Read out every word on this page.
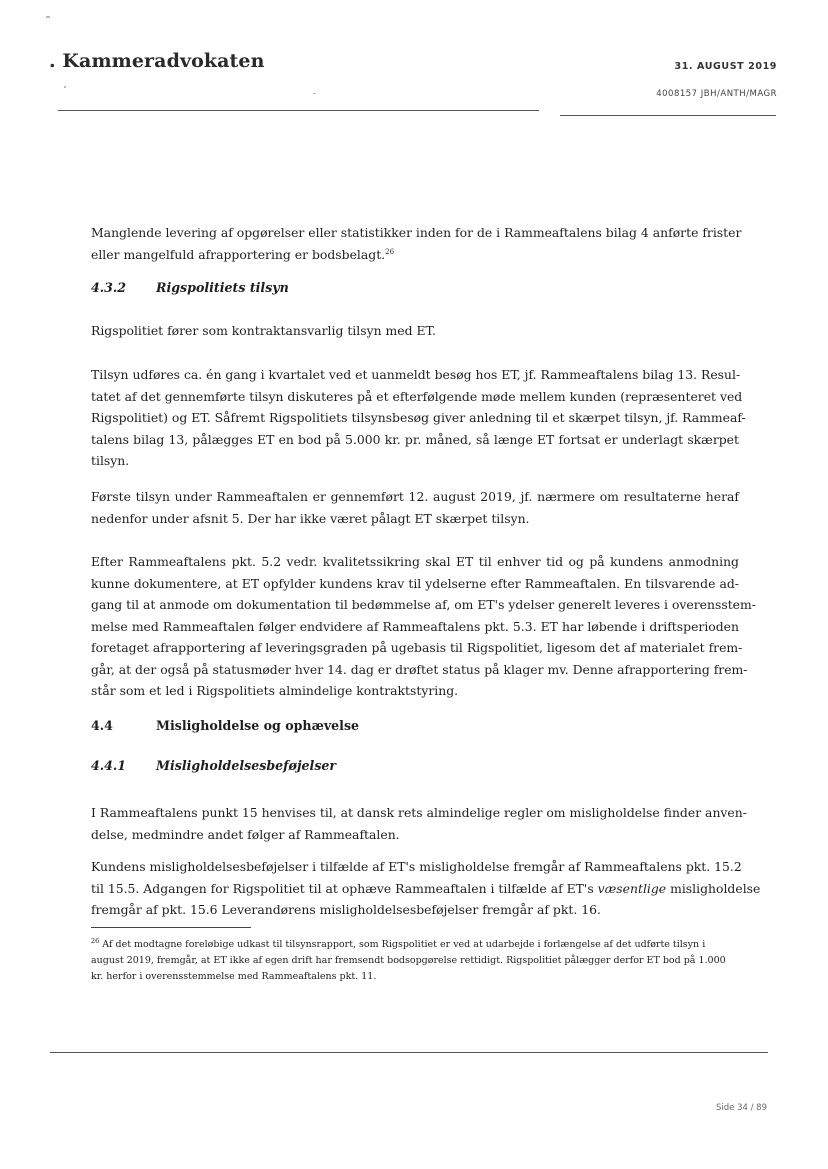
. Kammeradvokaten	31. AUGUST 2019
4008157 JBH/ANTH/MAGR
Manglende levering af opgørelser eller statistikker inden for de i Rammeaftalens bilag 4 anførte frister
eller mangelfuld afrapportering er bodsbelagt.$^{26}$
4.3.2 Rigspolitiets tilsyn
Rigspolitiet fører som kontraktansvarlig tilsyn med ET.
Tilsyn udføres ca. én gang i kvartalet ved et uanmeldt besøg hos ET, jf. Rammeaftalens bilag 13. Resul-
tatet af det gennemførte tilsyn diskuteres på et efterfølgende møde mellem kunden (repræsenteret ved
Rigspolitiet) og ET. Såfremt Rigspolitiets tilsynsbesøg giver anledning til et skærpet tilsyn, jf. Rammeaf-
talens bilag 13, pålægges ET en bod på 5.000 kr. pr. måned, så længe ET fortsat er underlagt skærpet
tilsyn.
Første tilsyn under Rammeaftalen er gennemført 12. august 2019, jf. nærmere om resultaterne heraf
nedenfor under afsnit 5. Der har ikke været pålagt ET skærpet tilsyn.
Efter Rammeaftalens pkt. 5.2 vedr. kvalitetssikring skal ET til enhver tid og på kundens anmodning
kunne dokumentere, at ET opfylder kundens krav til ydelserne efter Rammeaftalen. En tilsvarende ad-
gang til at anmode om dokumentation til bedømmelse af, om ET's ydelser generelt leveres i overensstem-
melse med Rammeaftalen følger endvidere af Rammeaftalens pkt. 5.3. ET har løbende i driftsperioden
foretaget afrapportering af leveringsgraden på ugebasis til Rigspolitiet, ligesom det af materialet frem-
går, at der også på statusmøder hver 14. dag er drøftet status på klager mv. Denne afrapportering frem-
står som et led i Rigspolitiets almindelige kontraktstyring.
4.4	Misligholdelse og ophævelse
4.4.1 Misligholdelsesbeføjelser
I Rammeaftalens punkt 15 henvises til, at dansk rets almindelige regler om misligholdelse finder anven-
delse, medmindre andet følger af Rammeaftalen.
Kundens misligholdelsesbeføjelser i tilfælde af ET's misligholdelse fremgår af Rammeaftalens pkt. 15.2
til 15.5. Adgangen for Rigspolitiet til at ophæve Rammeaftalen i tilfælde af ET's væsentlige misligholdelse
fremgår af pkt. 15.6 Leverandørens misligholdelsesbeføjelser fremgår af pkt. 16.
$^{26}$ Af det modtagne foreløbige udkast til tilsynsrapport, som Rigspolitiet er ved at udarbejde i forlængelse af det udførte tilsyn i
august 2019, fremgår, at ET ikke af egen drift har fremsendt bodsopgørelse rettidigt. Rigspolitiet pålægger derfor ET bod på 1.000
kr. herfor i overensstemmelse med Rammeaftalens pkt. 11.
Side 34 / 89
